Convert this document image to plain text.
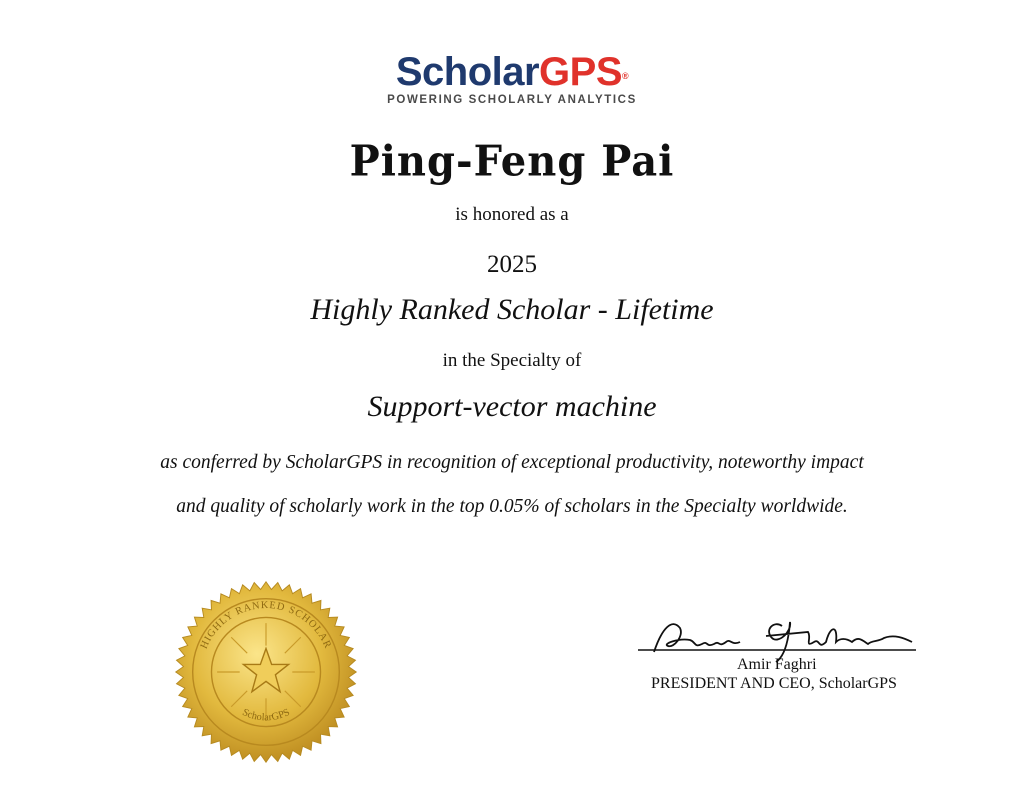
ScholarGPS®
POWERING SCHOLARLY ANALYTICS
Ping-Feng Pai
is honored as a
2025
Highly Ranked Scholar - Lifetime
in the Specialty of
Support-vector machine
as conferred by ScholarGPS in recognition of exceptional productivity, noteworthy impact
and quality of scholarly work in the top 0.05% of scholars in the Specialty worldwide.
HIGHLY RANKED SCHOLAR
ScholarGPS
Amir Faghri
PRESIDENT AND CEO, ScholarGPS
